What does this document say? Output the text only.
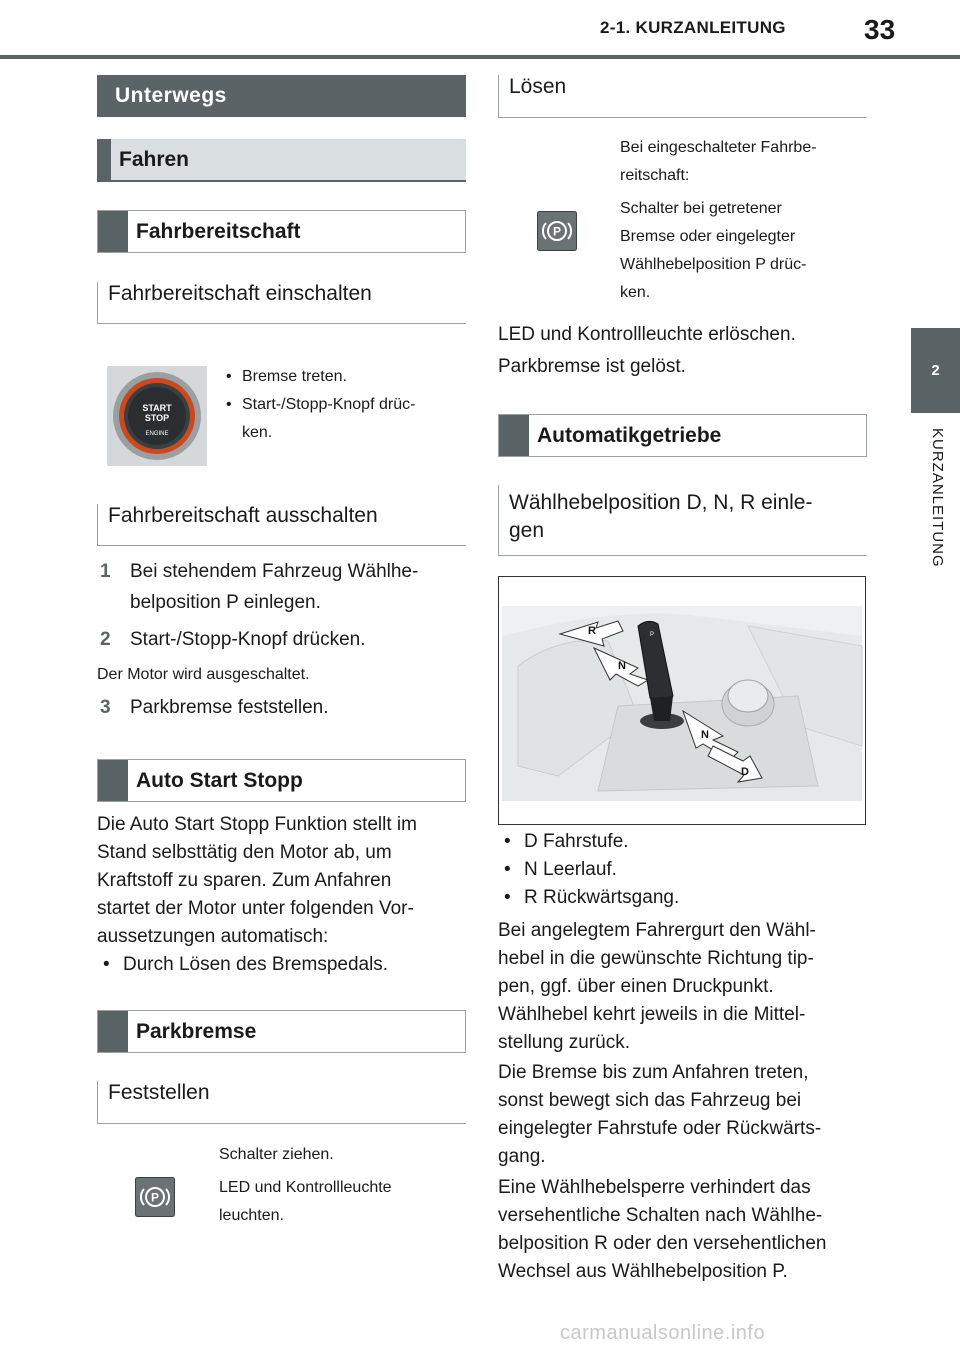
2-1. KURZANLEITUNG	33
2
KURZANLEITUNG
Unterwegs
Fahren
Fahrbereitschaft
Fahrbereitschaft einschalten
START
STOP
ENGINE
• Bremse treten.
• Start-/Stopp-Knopf drüc-
ken.
Fahrbereitschaft ausschalten
1 Bei stehendem Fahrzeug Wählhe-
belposition P einlegen.
2 Start-/Stopp-Knopf drücken.
Der Motor wird ausgeschaltet.
3 Parkbremse feststellen.
Auto Start Stopp
Die Auto Start Stopp Funktion stellt im
Stand selbsttätig den Motor ab, um
Kraftstoff zu sparen. Zum Anfahren
startet der Motor unter folgenden Vor-
aussetzungen automatisch:
• Durch Lösen des Bremspedals.
Parkbremse
Feststellen
P
Schalter ziehen.
LED und Kontrollleuchte
leuchten.
Lösen
P
Bei eingeschalteter Fahrbe-
reitschaft:
Schalter bei getretener
Bremse oder eingelegter
Wählhebelposition P drüc-
ken.
LED und Kontrollleuchte erlöschen.
Parkbremse ist gelöst.
Automatikgetriebe
Wählhebelposition D, N, R einle-
gen
R
N
P
N
D
• D Fahrstufe.
• N Leerlauf.
• R Rückwärtsgang.
Bei angelegtem Fahrergurt den Wähl-
hebel in die gewünschte Richtung tip-
pen, ggf. über einen Druckpunkt.
Wählhebel kehrt jeweils in die Mittel-
stellung zurück.
Die Bremse bis zum Anfahren treten,
sonst bewegt sich das Fahrzeug bei
eingelegter Fahrstufe oder Rückwärts-
gang.
Eine Wählhebelsperre verhindert das
versehentliche Schalten nach Wählhe-
belposition R oder den versehentlichen
Wechsel aus Wählhebelposition P.
carmanualsonline.info
